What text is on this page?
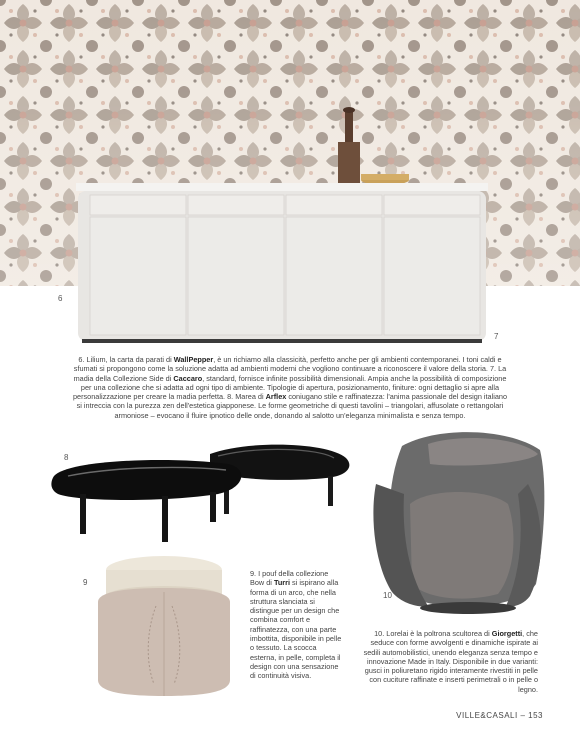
6
7
6. Lilium, la carta da parati di WallPepper, è un richiamo alla classicità, perfetto anche per gli ambienti contemporanei. I toni caldi e sfumati si propongono come la soluzione adatta ad ambienti moderni che vogliono continuare a riconoscere il valore della storia. 7. La madia della Collezione Side di Caccaro, standard, fornisce infinite possibilità dimensionali. Ampia anche la possibilità di composizione per una collezione che si adatta ad ogni tipo di ambiente. Tipologie di apertura, posizionamento, finiture: ogni dettaglio si apre alla personalizzazione per creare la madia perfetta. 8. Marea di Arflex coniugano stile e raffinatezza: l'anima passionale del design italiano si intreccia con la purezza zen dell'estetica giapponese. Le forme geometriche di questi tavolini – triangolari, affusolate o rettangolari armoniose – evocano il fluire ipnotico delle onde, donando al salotto un'eleganza minimalista e senza tempo.
8
10
9
9. I pouf della collezione Bow di Turri si ispirano alla forma di un arco, che nella struttura slanciata si distingue per un design che combina comfort e raffinatezza, con una parte imbottita, disponibile in pelle o tessuto. La scocca esterna, in pelle, completa il design con una sensazione di continuità visiva.
10. Lorelai è la poltrona scultorea di Giorgetti, che seduce con forme avvolgenti e dinamiche ispirate ai sedili automobilistici, unendo eleganza senza tempo e innovazione Made in Italy. Disponibile in due varianti: gusci in poliuretano rigido interamente rivestiti in pelle con cuciture raffinate e inserti perimetrali o in pelle o legno.
VILLE&CASALI – 153
